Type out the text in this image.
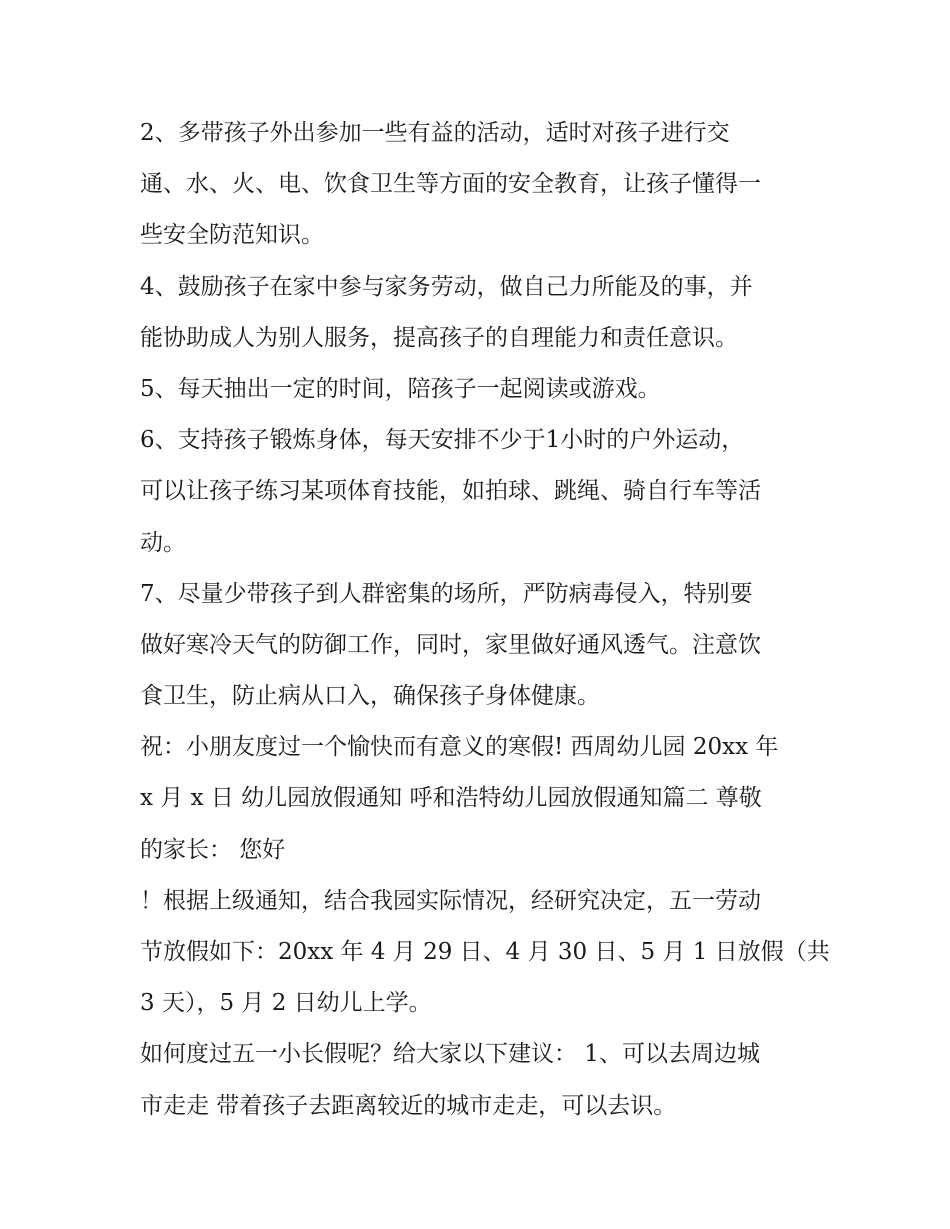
2、多带孩子外出参加一些有益的活动，适时对孩子进行交
通、水、火、电、饮食卫生等方面的安全教育，让孩子懂得一
些安全防范知识。
4、鼓励孩子在家中参与家务劳动，做自己力所能及的事，并
能协助成人为别人服务，提高孩子的自理能力和责任意识。
5、每天抽出一定的时间，陪孩子一起阅读或游戏。
6、支持孩子锻炼身体，每天安排不少于1小时的户外运动，
可以让孩子练习某项体育技能，如拍球、跳绳、骑自行车等活
动。
7、尽量少带孩子到人群密集的场所，严防病毒侵入，特别要
做好寒冷天气的防御工作，同时，家里做好通风透气。注意饮
食卫生，防止病从口入，确保孩子身体健康。
祝：小朋友度过一个愉快而有意义的寒假! 西周幼儿园 20xx 年
x 月 x 日 幼儿园放假通知 呼和浩特幼儿园放假通知篇二 尊敬
的家长： 您好
！根据上级通知，结合我园实际情况，经研究决定，五一劳动
节放假如下：20xx 年 4 月 29 日、4 月 30 日、5 月 1 日放假（共
3 天），5 月 2 日幼儿上学。
如何度过五一小长假呢？给大家以下建议： 1、可以去周边城
市走走 带着孩子去距离较近的城市走走，可以去识。
